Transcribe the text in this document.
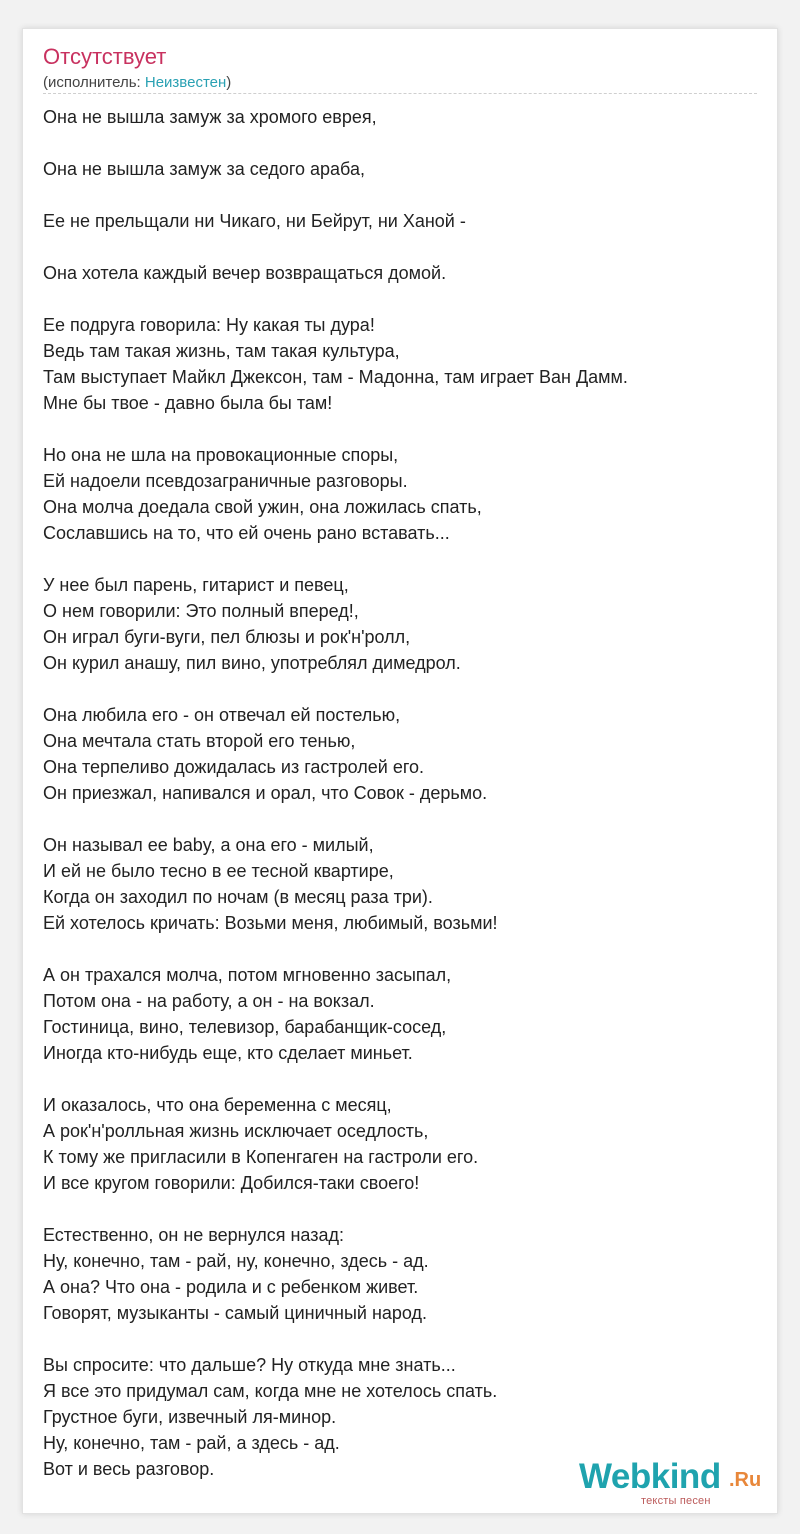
Отсутствует
(исполнитель: Неизвестен)
Она не вышла замуж за хромого еврея,
Она не вышла замуж за седого араба,
Ее не прельщали ни Чикаго, ни Бейрут, ни Ханой -
Она хотела каждый вечер возвращаться домой.
Ее подруга говорила: Ну какая ты дура!
Ведь там такая жизнь, там такая культура,
Там выступает Майкл Джексон, там - Мадонна, там играет Ван Дамм.
Мне бы твое - давно была бы там!
Но она не шла на провокационные споры,
Ей надоели псевдозаграничные разговоры.
Она молча доедала свой ужин, она ложилась спать,
Сославшись на то, что ей очень рано вставать...
У нее был парень, гитарист и певец,
О нем говорили: Это полный вперед!,
Он играл буги-вуги, пел блюзы и рок'н'ролл,
Он курил анашу, пил вино, употреблял димедрол.
Она любила его - он отвечал ей постелью,
Она мечтала стать второй его тенью,
Она терпеливо дожидалась из гастролей его.
Он приезжал, напивался и орал, что Совок - дерьмо.
Он называл ее baby, а она его - милый,
И ей не было тесно в ее тесной квартире,
Когда он заходил по ночам (в месяц раза три).
Ей хотелось кричать: Возьми меня, любимый, возьми!
А он трахался молча, потом мгновенно засыпал,
Потом она - на работу, а он - на вокзал.
Гостиница, вино, телевизор, барабанщик-сосед,
Иногда кто-нибудь еще, кто сделает миньет.
И оказалось, что она беременна с месяц,
А рок'н'ролльная жизнь исключает оседлость,
К тому же пригласили в Копенгаген на гастроли его.
И все кругом говорили: Добился-таки своего!
Естественно, он не вернулся назад:
Ну, конечно, там - рай, ну, конечно, здесь - ад.
А она? Что она - родила и с ребенком живет.
Говорят, музыканты - самый циничный народ.
Вы спросите: что дальше? Ну откуда мне знать...
Я все это придумал сам, когда мне не хотелось спать.
Грустное буги, извечный ля-минор.
Ну, конечно, там - рай, а здесь - ад.
Вот и весь разговор.	Webkind .Ru
тексты песен
